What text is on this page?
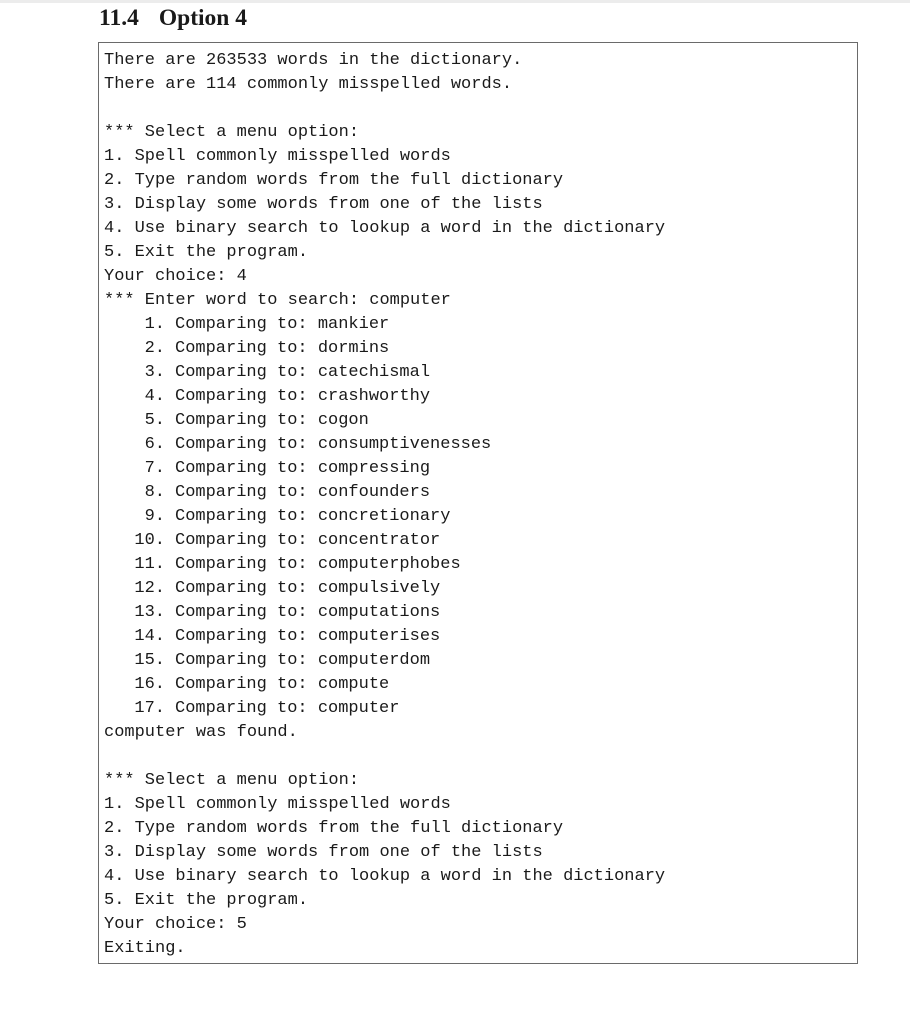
11.4 Option 4
There are 263533 words in the dictionary.
There are 114 commonly misspelled words.
*** Select a menu option:
1. Spell commonly misspelled words
2. Type random words from the full dictionary
3. Display some words from one of the lists
4. Use binary search to lookup a word in the dictionary
5. Exit the program.
Your choice: 4
*** Enter word to search: computer
1. Comparing to: mankier
2. Comparing to: dormins
3. Comparing to: catechismal
4. Comparing to: crashworthy
5. Comparing to: cogon
6. Comparing to: consumptivenesses
7. Comparing to: compressing
8. Comparing to: confounders
9. Comparing to: concretionary
10. Comparing to: concentrator
11. Comparing to: computerphobes
12. Comparing to: compulsively
13. Comparing to: computations
14. Comparing to: computerises
15. Comparing to: computerdom
16. Comparing to: compute
17. Comparing to: computer
computer was found.
*** Select a menu option:
1. Spell commonly misspelled words
2. Type random words from the full dictionary
3. Display some words from one of the lists
4. Use binary search to lookup a word in the dictionary
5. Exit the program.
Your choice: 5
Exiting.
